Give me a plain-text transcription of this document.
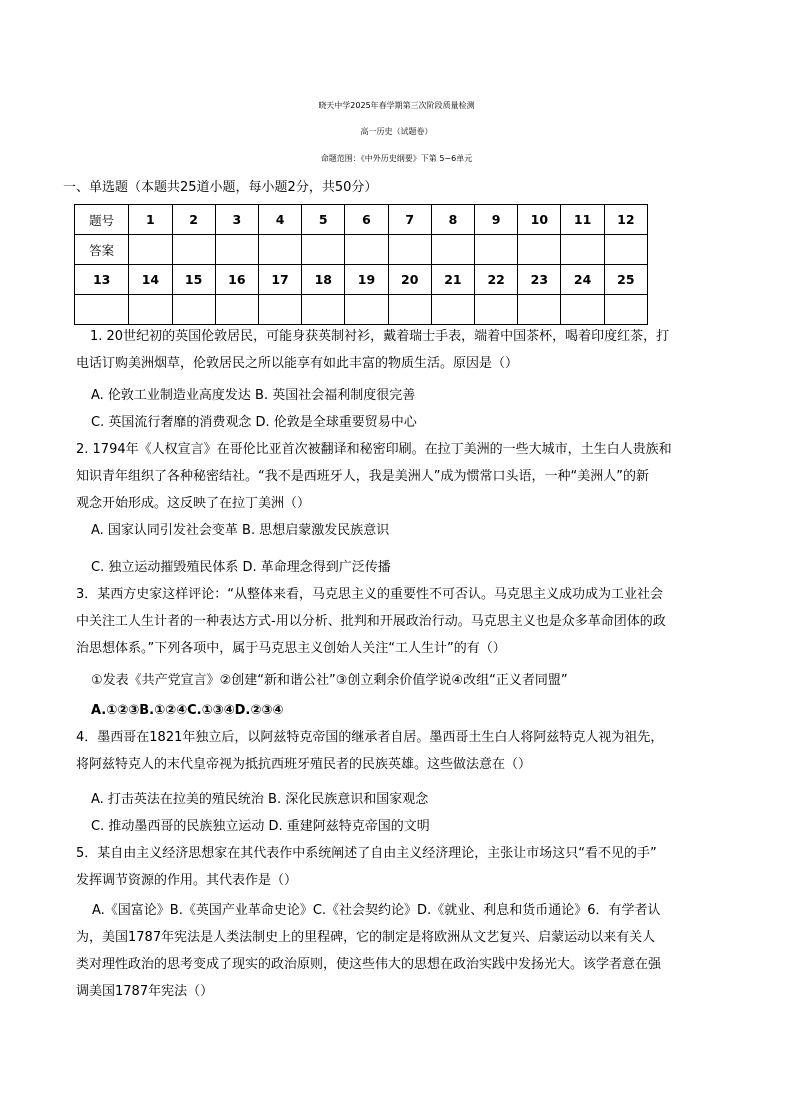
晓天中学2025年春学期第三次阶段质量检测
高一历史（试题卷）
命题范围：《中外历史纲要》下第 5−6单元
一、单选题（本题共25道小题，每小题2分，共50分）
题号	1	2	3	4	5	6	7	8	9	10	11	12
答案												
13	14	15	16	17	18	19	20	21	22	23	24	25

1. 20世纪初的英国伦敦居民，可能身获英制衬衫，戴着瑞士手表，端着中国茶杯，喝着印度红茶，打
电话订购美洲烟草，伦敦居民之所以能享有如此丰富的物质生活。原因是（）
A. 伦敦工业制造业高度发达 B. 英国社会福利制度很完善
C. 英国流行奢靡的消费观念 D. 伦敦是全球重要贸易中心
2. 1794年《人权宣言》在哥伦比亚首次被翻译和秘密印刷。在拉丁美洲的一些大城市，土生白人贵族和
知识青年组织了各种秘密结社。“我不是西班牙人，我是美洲人”成为惯常口头语，一种“美洲人”的新
观念开始形成。这反映了在拉丁美洲（）
A. 国家认同引发社会变革 B. 思想启蒙激发民族意识
C. 独立运动摧毁殖民体系 D. 革命理念得到广泛传播
3．某西方史家这样评论：“从整体来看，马克思主义的重要性不可否认。马克思主义成功成为工业社会
中关注工人生计者的一种表达方式-用以分析、批判和开展政治行动。马克思主义也是众多革命团体的政
治思想体系。”下列各项中，属于马克思主义创始人关注“工人生计”的有（）
①发表《共产党宣言》②创建“新和谐公社”③创立剩余价值学说④改组“正义者同盟”
A.①②③B.①②④C.①③④D.②③④
4．墨西哥在1821年独立后，以阿兹特克帝国的继承者自居。墨西哥土生白人将阿兹特克人视为祖先，
将阿兹特克人的末代皇帝视为抵抗西班牙殖民者的民族英雄。这些做法意在（）
A. 打击英法在拉美的殖民统治 B. 深化民族意识和国家观念
C. 推动墨西哥的民族独立运动 D. 重建阿兹特克帝国的文明
5．某自由主义经济思想家在其代表作中系统阐述了自由主义经济理论，主张让市场这只“看不见的手”
发挥调节资源的作用。其代表作是（）
A.《国富论》B.《英国产业革命史论》C.《社会契约论》D.《就业、利息和货币通论》6．有学者认
为，美国1787年宪法是人类法制史上的里程碑，它的制定是将欧洲从文艺复兴、启蒙运动以来有关人
类对理性政治的思考变成了现实的政治原则，使这些伟大的思想在政治实践中发扬光大。该学者意在强
调美国1787年宪法（）
